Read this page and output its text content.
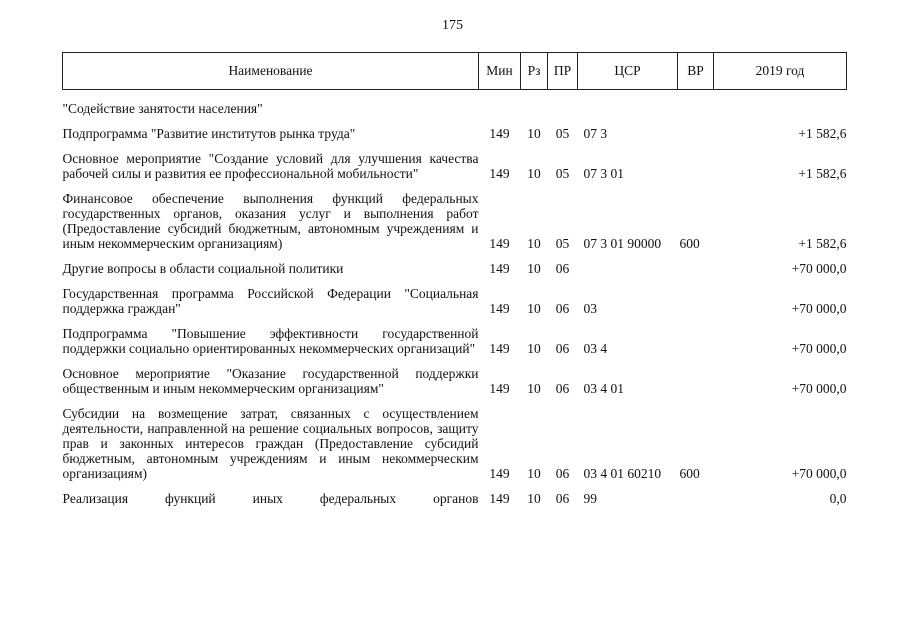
175
Наименование	Мин	Рз	ПР	ЦСР	ВР	2019 год
"Содействие занятости населения"						
Подпрограмма "Развитие институтов рынка труда"	149	10	05	07 3		+1 582,6
Основное мероприятие "Создание условий для улучшения качества рабочей силы и развития ее профессиональной мобильности"	149	10	05	07 3 01		+1 582,6
Финансовое обеспечение выполнения функций федеральных государственных органов, оказания услуг и выполнения работ (Предоставление субсидий бюджетным, автономным учреждениям и иным некоммерческим организациям)	149	10	05	07 3 01 90000	600	+1 582,6
Другие вопросы в области социальной политики	149	10	06			+70 000,0
Государственная программа Российской Федерации "Социальная поддержка граждан"	149	10	06	03		+70 000,0
Подпрограмма "Повышение эффективности государственной поддержки социально ориентированных некоммерческих организаций"	149	10	06	03 4		+70 000,0
Основное мероприятие "Оказание государственной поддержки общественным и иным некоммерческим организациям"	149	10	06	03 4 01		+70 000,0
Субсидии на возмещение затрат, связанных с осуществлением деятельности, направленной на решение социальных вопросов, защиту прав и законных интересов граждан (Предоставление субсидий бюджетным, автономным учреждениям и иным некоммерческим организациям)	149	10	06	03 4 01 60210	600	+70 000,0
Реализация функций иных федеральных органов	149	10	06	99		0,0
